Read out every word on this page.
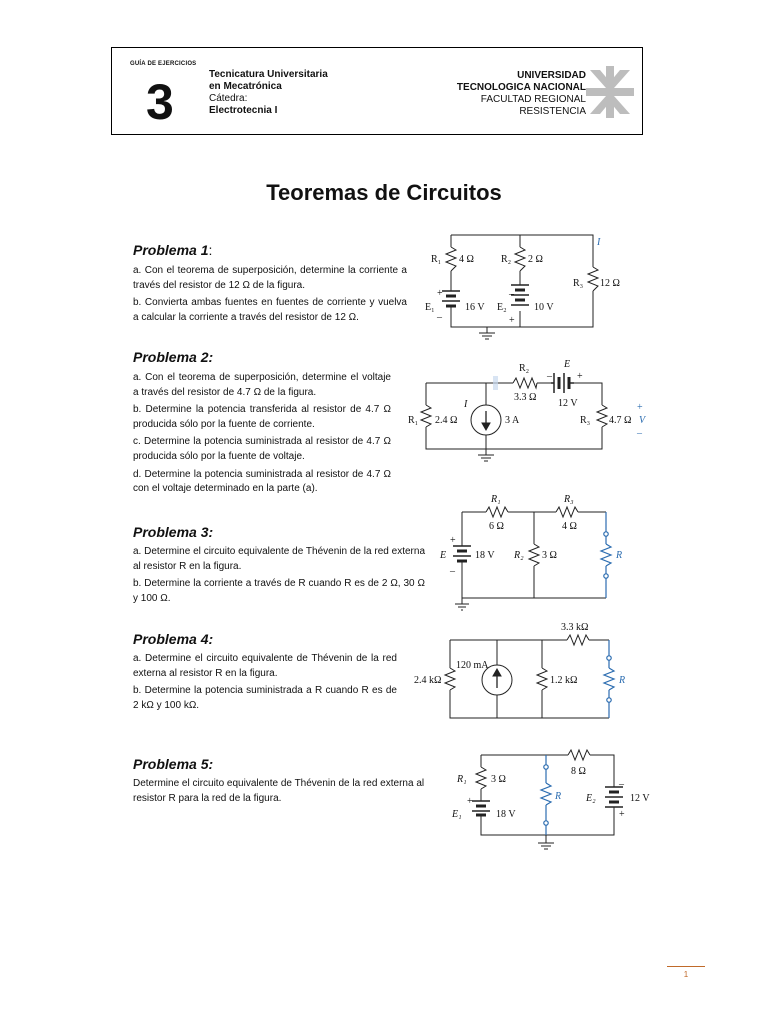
GUÍA DE EJERCICIOS
3	Tecnicatura Universitaria
en Mecatrónica
Cátedra:
Electrotecnia I
UNIVERSIDAD
TECNOLOGICA NACIONAL
FACULTAD REGIONAL
RESISTENCIA
Teoremas de Circuitos
Problema 1:

a. Con el teorema de superposición, determine la corriente a través del resistor de 12 Ω de la figura.

b. Convierta ambas fuentes en fuentes de corriente y vuelva a calcular la corriente a través del resistor de 12 Ω.

Problema 2:

a. Con el teorema de superposición, determine el voltaje a través del resistor de 4.7 Ω de la figura.

b. Determine la potencia transferida al resistor de 4.7 Ω producida sólo por la fuente de corriente.

c. Determine la potencia suministrada al resistor de 4.7 Ω producida sólo por la fuente de voltaje.

d. Determine la potencia suministrada al resistor de 4.7 Ω con el voltaje determinado en la parte (a).

Problema 3:

a. Determine el circuito equivalente de Thévenin de la red externa al resistor R en la figura.

b. Determine la corriente a través de R cuando R es de 2 Ω, 30 Ω y 100 Ω.

Problema 4:

a. Determine el circuito equivalente de Thévenin de la red externa al resistor R en la figura.

b. Determine la potencia suministrada a R cuando R es de 2 kΩ y 100 kΩ.

Problema 5:

Determine el circuito equivalente de Thévenin de la red externa al resistor R para la red de la figura.

R₁ 4 Ω	R₂ 2 Ω
R₃ 12 Ω
E₁	16 V E₂	10 V
+
–
–
+
I
R₁ 2.4 Ω
R₂
3.3 Ω
E
12 V
–	+
I
3 A	R₃ 4.7 Ω
+
V
–
R₁
6 Ω
R₃
4 Ω
E	18 V
+
–
R₂ 3 Ω	R
2.4 kΩ
120 mA
1.2 kΩ
3.3 kΩ
R
R₁ 3 Ω
E₁	18 V
+	R
8 Ω
E₂	12 V
–
+
1
